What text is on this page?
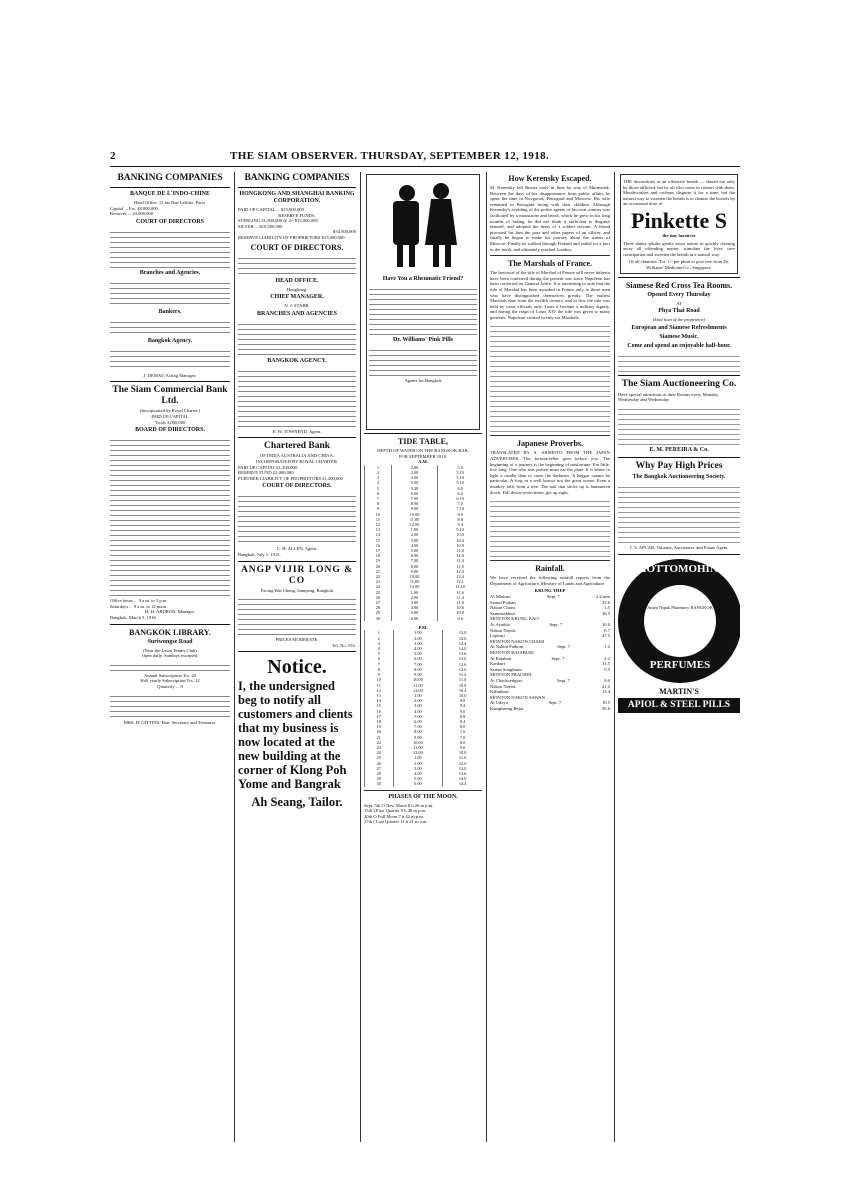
2	THE SIAM OBSERVER. THURSDAY, SEPTEMBER 12, 1918.
BANKING COMPANIES
BANQUE DE L'INDO-CHINE
Head Office: 15 bis Rue Laffitte, Paris.
Capital ... Frs. 48,000,000
Reserves ... 43,000,000
COURT OF DIRECTORS
Branches and Agencies.
Bankers.
Bangkok Agency.
J. DEMAY, Acting Manager.
The Siam Commercial Bank Ltd.
(Incorporated by Royal Charter.)
PAID UP CAPITAL
Ticals 3,000,000
BOARD OF DIRECTORS.
Office hours ... 9 a.m. to 3 p.m.
Saturdays ... 9 a.m. to 12 noon.
H. H. ARDRON, Manager.
Bangkok, March 5, 1916.
BANGKOK LIBRARY.
Suriwongse Road
(Near the Lawn Tennis Club)
Open daily, Sundays excepted.
Annual Subscription Tcs. 20
Half yearly Subscription Tcs. 12
Quarterly ... 8
MRS. H. GITTINS, Hon. Secretary and Treasurer.
BANKING COMPANIES
HONGKONG AND SHANGHAI BANKING CORPORATION.
PAID UP CAPITAL ... $15,000,000
RESERVE FUNDS.
STERLING £1,500,000 @ 2/- $15,000,000
SILVER ... $19,500,000
$34,500,000
RESERVE LIABILITY OF PROPRIETORS $15,000,000
COURT OF DIRECTORS.
HEAD OFFICE.
Hongkong.
CHIEF MANAGER.
N. J. STABB.
BRANCHES AND AGENCIES
BANGKOK AGENCY.
E. W. TOWNEND, Agent.
Chartered Bank
OF INDIA AUSTRALIA AND CHINA.
INCORPORATED BY ROYAL CHARTER.
PAID UP CAPITAL £1,200,000
RESERVE FUND £2,000,000
FURTHER LIABILITY OF PROPRIETORS £1,200,000
COURT OF DIRECTORS.
C. H. ALLEN, Agent.
Bangkok, July 1, 1915.
ANGP VIJIR LONG & CO
Facing Wat Cheng, Sampeng, Bangkok
PRICES MODERATE.
Tel. No. 533.
Notice.
I, the undersigned beg to notify all customers and clients that my business is now located at the new building at the corner of Klong Poh Yome and Bangrak
Ah Seang, Tailor.
Have You a Rheumatic Friend?
Dr. Williams' Pink Pills
Agents for Bangkok
TIDE TABLE,
DEPTH OF WATER ON THE BANGKOK BAR.
FOR SEPTEMBER 1918.
A.M.
1	2.00	5.0
2	2.00	5.10
3	3.00	5.10
4	5.00	5.10
5	5.30	6.0
6	6.00	6.2
7	7.00	6.10
8	8.00	7.0
9	9.00	7.10
10	10.00	8.0
11	11.00	8.6
12	12.00	9.4
13	1.00	9.10
14	2.00	10.0
15	3.00	10.4
16	4.00	10.8
17	5.00	11.0
18	6.00	11.0
19	7.00	11.4
20	8.00	11.0
21	9.00	12.0
22	10.00	12.4
23	11.00	12.1
24	12.00	11.10
25	1.00	11.6
26	2.00	11.4
27	3.00	11.0
28	4.00	10.6
29	5.00	10.0
30	6.00	9.6
P.M.
1	1.00	13.0
2	2.00	14.0
3	3.00	14.4
4	4.00	14.0
5	5.00	13.6
6	6.00	13.0
7	7.00	12.6
8	8.00	12.0
9	9.00	11.4
10	10.00	11.0
11	11.00	10.8
12	12.00	10.4
13	1.00	10.0
14	2.00	9.8
15	3.00	9.4
16	4.00	9.0
17	5.00	8.8
18	6.00	8.4
19	7.00	8.0
20	8.00	7.6
21	9.00	7.0
22	10.00	8.0
23	11.00	9.0
24	12.00	10.0
25	1.00	11.0
26	2.00	12.0
27	3.00	13.0
28	4.00	13.6
29	5.00	14.0
30	6.00	14.4
PHASES OF THE MOON.
Sept. 5th O New Moon 8 h 26 m p.m.
13th ) First Quarter 9 h 48 m p.m.
20th O Full Moon 7 h 42 m p.m.
27th ( Last Quarter 11 h 21 m a.m.
How Kerensky Escaped.
M. Kerensky left Russia early in June by way of Murmansk. Between the days of his disappearance from public affairs he spent the time in Novgorod, Petrograd and Moscow. His wife remained in Petrograd living with their children. Although Kerensky's avoiding of the police agents of his own country was facilitated by a moustache and beard, which he grew in his long months of hiding, he did not think it sufficient to disguise himself, and adopted the dress of a soldier servant. A friend procured for him the pass and other papers of an officer, and finally he began to make his journey about the streets of Moscow. Finally he walked through Finland and sailed for a port in the north, and ultimately reached London.
The Marshals of France.
The bestowal of the title of Marshal of France will never hitherto have been conferred during the present war since Napoleon has been conferred on General Joffre. It is interesting to note that the title of Marshal has been awarded in France only to those men who have distinguished themselves greatly. The earliest Marshals date from the twelfth century, and at first the title was held by court officials only. Later it became a military dignity, and during the reign of Louis XIV the title was given to many generals. Napoleon created twenty-six Marshals.
Japanese Proverbs.
TRANSLATED BY S. ARIMOTO FROM THE JAPAN ADVERTISER. The fortune-teller goes before you. The beginning of a journey is the beginning of misfortune. Eat little, live long. One who eats poison must eat the plate. It is better to light a candle than to curse the darkness. A beggar cannot be particular. A frog in a well knows not the great ocean. Even a monkey falls from a tree. The nail that sticks up is hammered down. Fall down seven times, get up eight.
Rainfall.
We have received the following rainfall reports from the Department of Agriculture, Ministry of Lands and Agriculture.
KRUNG THEP
Al Minburi	Sept. 7	2.4 mm
Samut Prakan	25.6
Nakon Chaisi	1.5
Samutsakhon	16.5
MONTON KRUNG KAO
At Ayuthia	Sept. 7	10.0
Nakon Nayok	0.7
Lopburi	47.5
MONTON NAKON CHAISI
At Nakon Pathom	Sept. 7	1.2
MONTON RAJABURI
At Rajaburi	Sept. 7	4.2
Kanburi	31.5
Samut Songkram	9.5
MONTON PRACHIN
At Chachoengsao	Sept. 7	8.6
Nakon Nayok	41.0
Kabinburi	13.4
MONTON NAKON SAWAN
At Udaya	Sept. 7	10.5
Kamphaeng Bejra	30.6
THE discomforts of an offensive breath — shared not only by those afflicted, but by all who come in contact with them. Mouthwashes and cachous disguise it for a time, but the natural way to sweeten the breath is to cleanse the bowels by an occasional dose of
Pinkette S
the tiny laxatives
These dainty pilules gently assist nature in quickly clearing away all offending matter, stimulate the liver, cure constipation and sweeten the breath in a natural way.
Of all chemists. Tcs. 1/- per phial or post free from Dr. Williams' Medicine Co., Singapore.
Siamese Red Cross Tea Rooms.
Opened Every Thursday
AT
Phya Thai Road
(kind loan of the proprietor)
European and Siamese Refreshments
Siamese Music.
Come and spend an enjoyable half-hour.
The Siam Auctioneering Co.
Have special attractions at their Rooms every Monday, Wednesday and Wednesday.
E. M. PEREIRA & Co.
Why Pay High Prices
The Bangkok Auctioneering Society.
T. S. APCAR, Valuator, Auctioneer, and Estate Agent.
HOTTOMOHINI
Anant Nipak Pharmacy BANGKOK
PERFUMES
MARTIN'S
APIOL & STEEL PILLS
